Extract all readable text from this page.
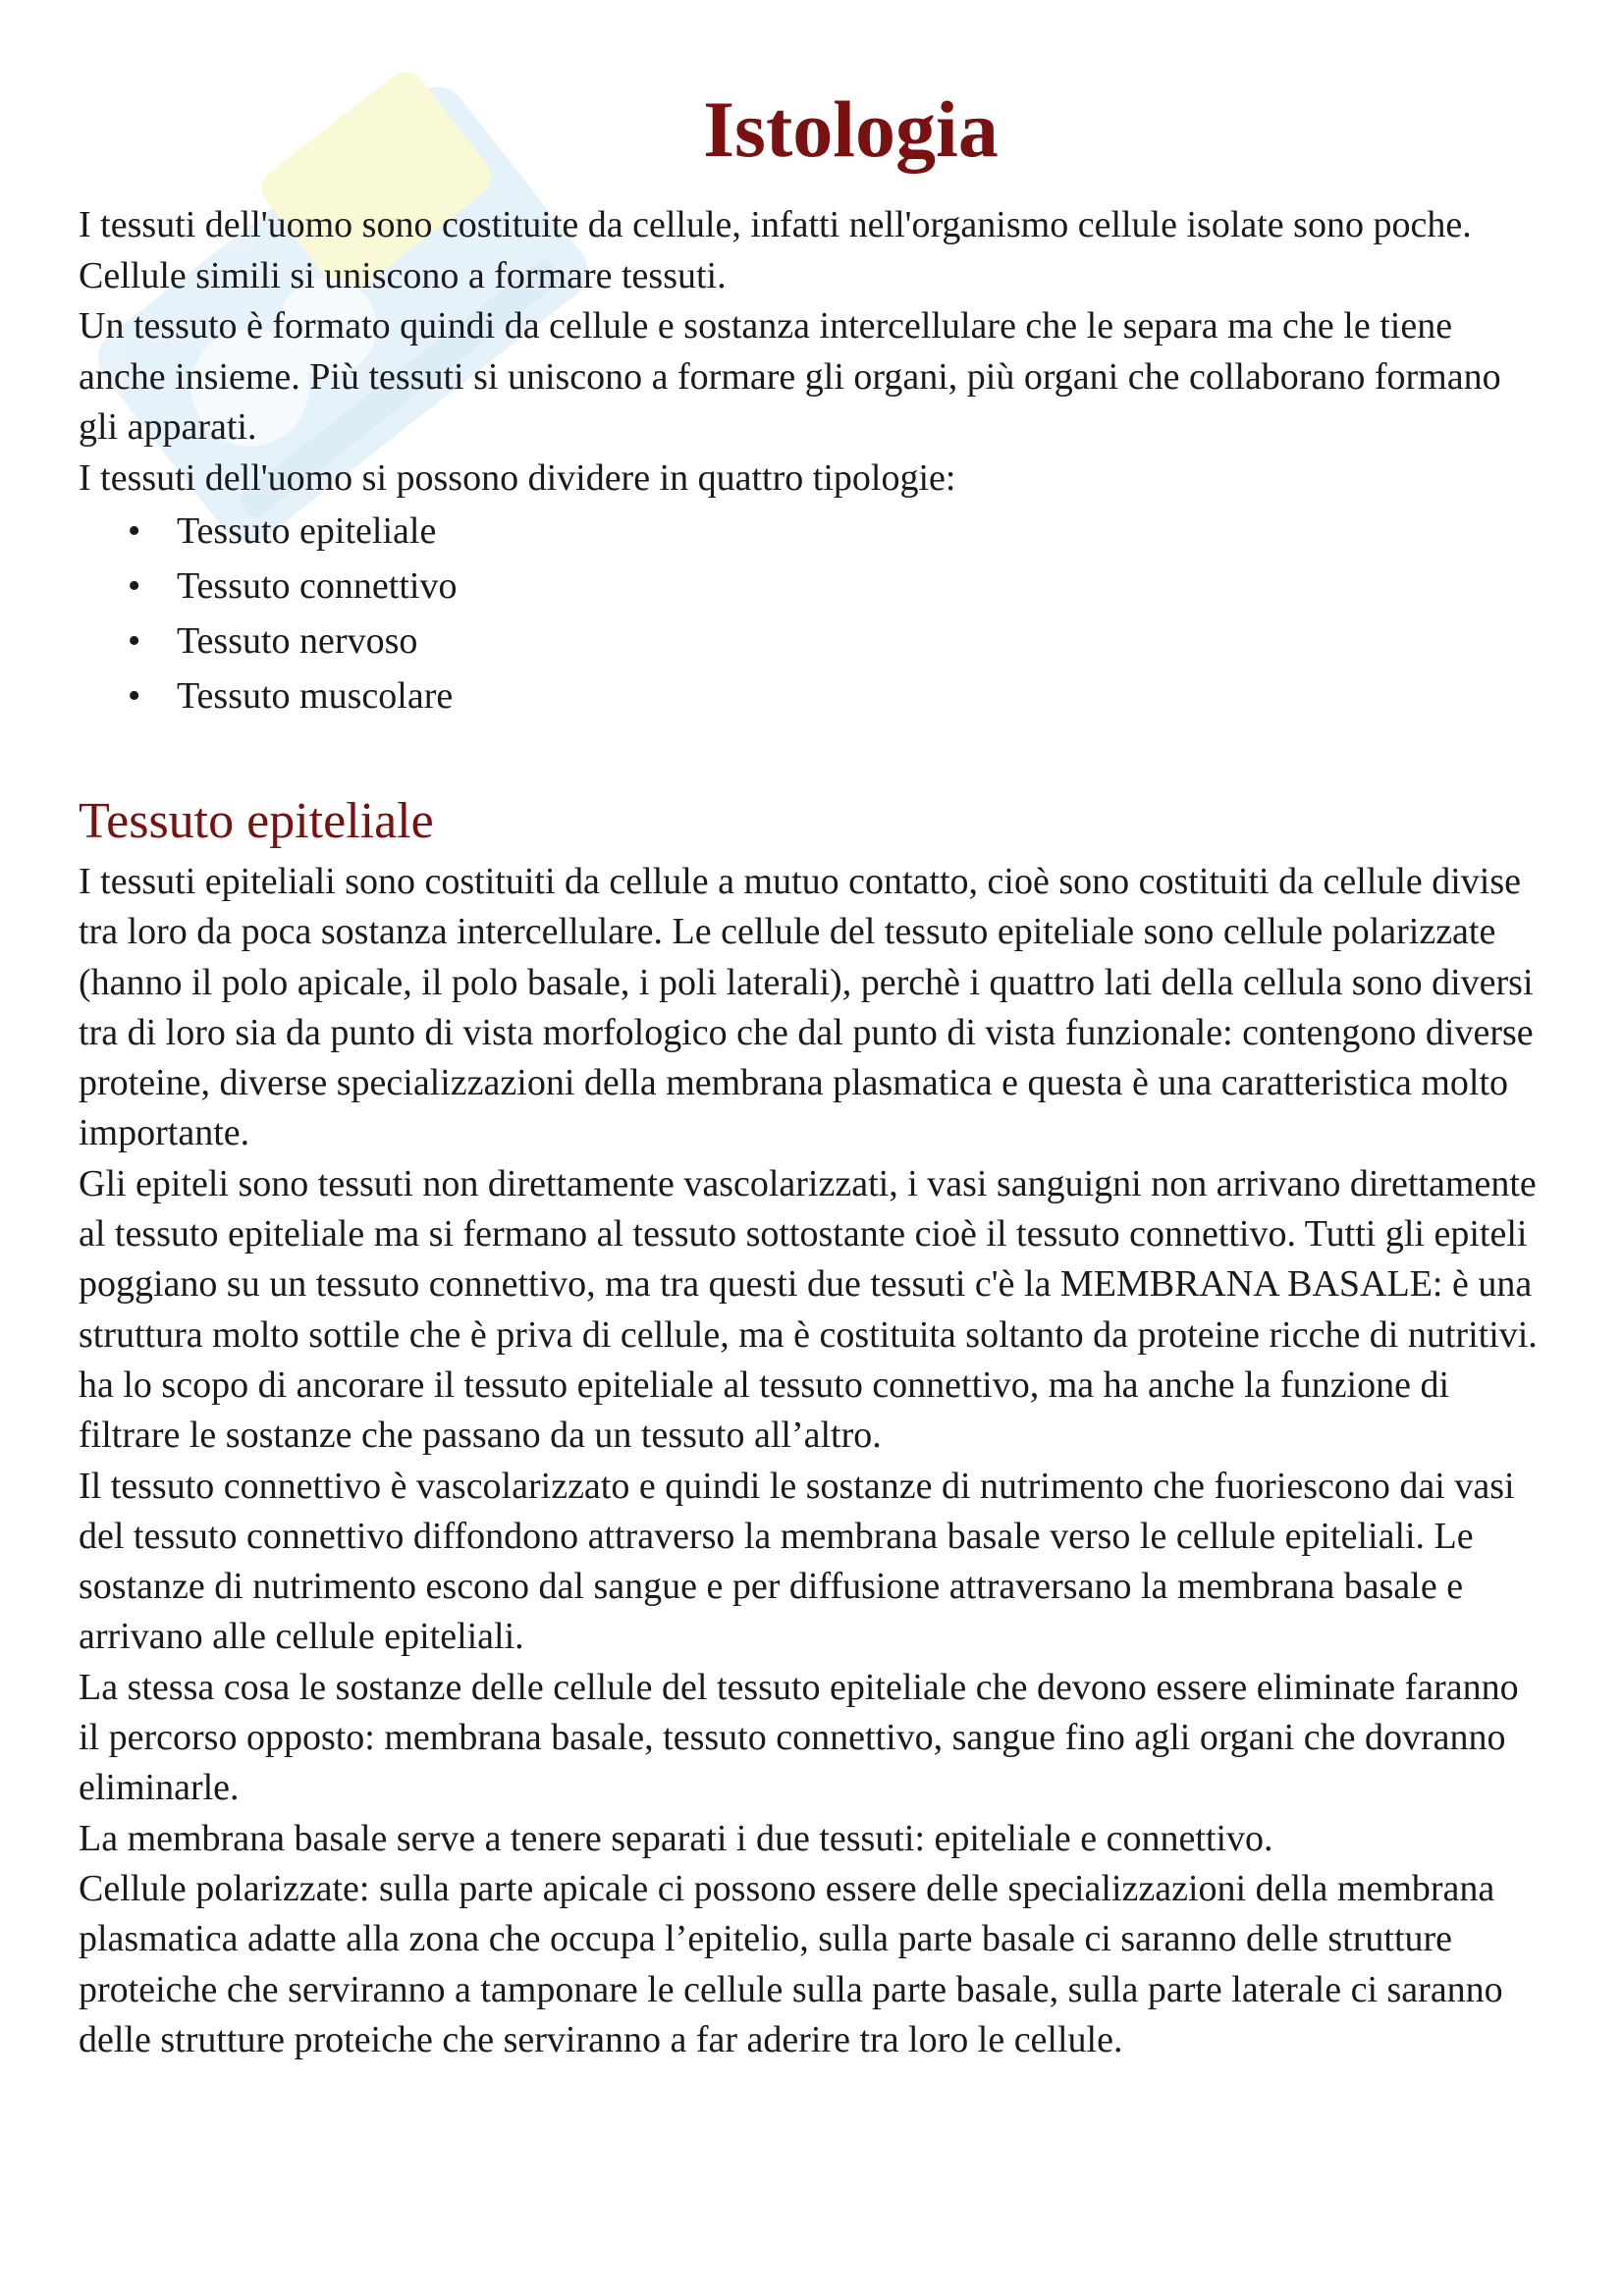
Istologia

I tessuti dell'uomo sono costituite da cellule, infatti nell'organismo cellule isolate sono poche. Cellule simili si uniscono a formare tessuti.

Un tessuto è formato quindi da cellule e sostanza intercellulare che le separa ma che le tiene anche insieme. Più tessuti si uniscono a formare gli organi, più organi che collaborano formano gli apparati.

I tessuti dell'uomo si possono dividere in quattro tipologie:

• Tessuto epiteliale
• Tessuto connettivo
• Tessuto nervoso
• Tessuto muscolare
Tessuto epiteliale

I tessuti epiteliali sono costituiti da cellule a mutuo contatto, cioè sono costituiti da cellule divise tra loro da poca sostanza intercellulare. Le cellule del tessuto epiteliale sono cellule polarizzate (hanno il polo apicale, il polo basale, i poli laterali), perchè i quattro lati della cellula sono diversi tra di loro sia da punto di vista morfologico che dal punto di vista funzionale: contengono diverse proteine, diverse specializzazioni della membrana plasmatica e questa è una caratteristica molto importante.

Gli epiteli sono tessuti non direttamente vascolarizzati, i vasi sanguigni non arrivano direttamente al tessuto epiteliale ma si fermano al tessuto sottostante cioè il tessuto connettivo. Tutti gli epiteli poggiano su un tessuto connettivo, ma tra questi due tessuti c'è la MEMBRANA BASALE: è una struttura molto sottile che è priva di cellule, ma è costituita soltanto da proteine ricche di nutritivi. ha lo scopo di ancorare il tessuto epiteliale al tessuto connettivo, ma ha anche la funzione di filtrare le sostanze che passano da un tessuto all’altro.

Il tessuto connettivo è vascolarizzato e quindi le sostanze di nutrimento che fuoriescono dai vasi del tessuto connettivo diffondono attraverso la membrana basale verso le cellule epiteliali. Le sostanze di nutrimento escono dal sangue e per diffusione attraversano la membrana basale e arrivano alle cellule epiteliali.

La stessa cosa le sostanze delle cellule del tessuto epiteliale che devono essere eliminate faranno il percorso opposto: membrana basale, tessuto connettivo, sangue fino agli organi che dovranno eliminarle.

La membrana basale serve a tenere separati i due tessuti: epiteliale e connettivo.

Cellule polarizzate: sulla parte apicale ci possono essere delle specializzazioni della membrana plasmatica adatte alla zona che occupa l’epitelio, sulla parte basale ci saranno delle strutture proteiche che serviranno a tamponare le cellule sulla parte basale, sulla parte laterale ci saranno delle strutture proteiche che serviranno a far aderire tra loro le cellule.
